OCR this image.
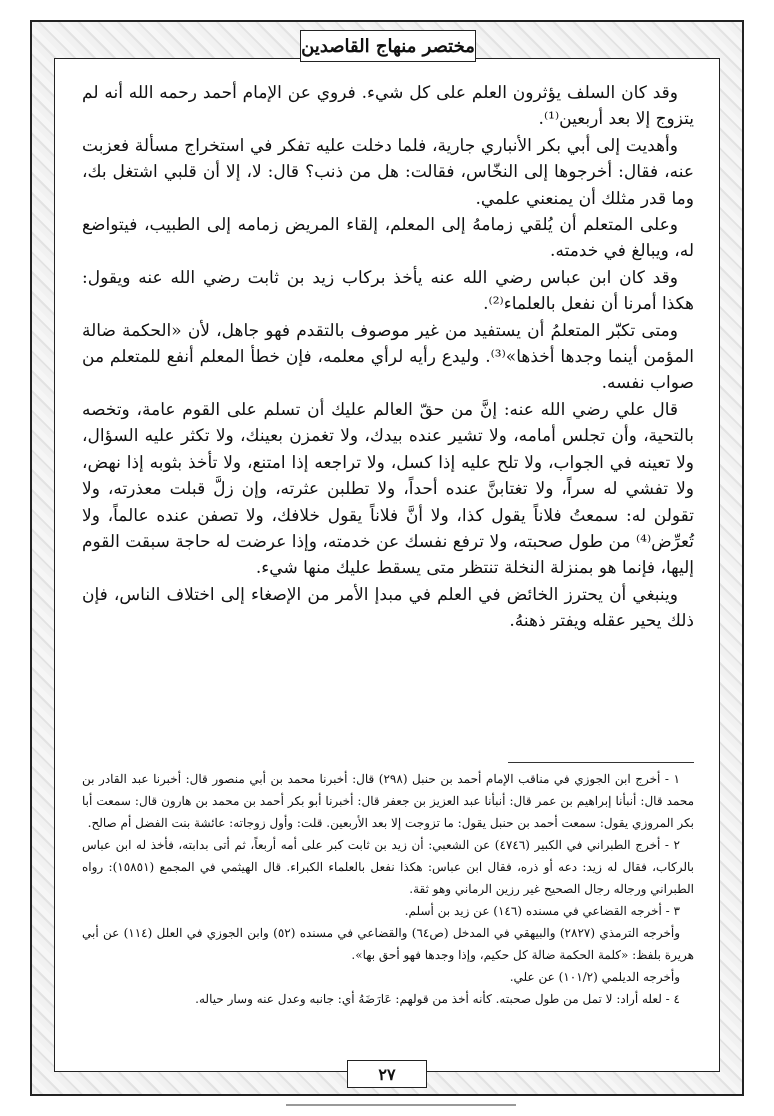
مختصر منهاج القاصدين

وقد كان السلف يؤثرون العلم على كل شيء. فروي عن الإمام أحمد رحمه الله أنه لم يتزوج إلا بعد أربعين⁽¹⁾.

وأهديت إلى أبي بكر الأنباري جارية، فلما دخلت عليه تفكر في استخراج مسألة فعزبت عنه، فقال: أخرجوها إلى النخّاس، فقالت: هل من ذنب؟ قال: لا، إلا أن قلبي اشتغل بك، وما قدر مثلك أن يمنعني علمي.

وعلى المتعلم أن يُلقي زمامهُ إلى المعلم، إلقاء المريض زمامه إلى الطبيب، فيتواضع له، ويبالغ في خدمته.

وقد كان ابن عباس رضي الله عنه يأخذ بركاب زيد بن ثابت رضي الله عنه ويقول: هكذا أمرنا أن نفعل بالعلماء⁽²⁾.

ومتى تكبّر المتعلمُ أن يستفيد من غير موصوف بالتقدم فهو جاهل، لأن «الحكمة ضالة المؤمن أينما وجدها أخذها»⁽³⁾. وليدع رأيه لرأي معلمه، فإن خطأ المعلم أنفع للمتعلم من صواب نفسه.

قال علي رضي الله عنه: إنَّ من حقّ العالم عليك أن تسلم على القوم عامة، وتخصه بالتحية، وأن تجلس أمامه، ولا تشير عنده بيدك، ولا تغمزن بعينك، ولا تكثر عليه السؤال، ولا تعينه في الجواب، ولا تلح عليه إذا كسل، ولا تراجعه إذا امتنع، ولا تأخذ بثوبه إذا نهض، ولا تفشي له سراً، ولا تغتابنَّ عنده أحداً، ولا تطلبن عثرته، وإن زلَّ قبلت معذرته، ولا تقولن له: سمعتُ فلاناً يقول كذا، ولا أنَّ فلاناً يقول خلافك، ولا تصفن عنده عالماً، ولا تُعرِّض⁽⁴⁾ من طول صحبته، ولا ترفع نفسك عن خدمته، وإذا عرضت له حاجة سبقت القوم إليها، فإنما هو بمنزلة النخلة تنتظر متى يسقط عليك منها شيء.

وينبغي أن يحترز الخائض في العلم في مبدإ الأمر من الإصغاء إلى اختلاف الناس، فإن ذلك يحير عقله ويفتر ذهنهُ.

١ - أخرج ابن الجوزي في مناقب الإمام أحمد بن حنبل (٢٩٨) قال: أخبرنا محمد بن أبي منصور قال: أخبرنا عبد القادر بن محمد قال: أنبأنا إبراهيم بن عمر قال: أنبأنا عبد العزيز بن جعفر قال: أخبرنا أبو بكر أحمد بن محمد بن هارون قال: سمعت أبا بكر المروزي يقول: سمعت أحمد بن حنبل يقول: ما تزوجت إلا بعد الأربعين. قلت: وأول زوجاته: عائشة بنت الفضل أم صالح.

٢ - أخرج الطبراني في الكبير (٤٧٤٦) عن الشعبي: أن زيد بن ثابت كبر على أمه أربعاً، ثم أتى بدابته، فأخذ له ابن عباس بالركاب، فقال له زيد: دعه أو ذره، فقال ابن عباس: هكذا نفعل بالعلماء الكبراء. قال الهيثمي في المجمع (١٥٨٥١): رواه الطبراني ورجاله رجال الصحيح غير رزين الرماني وهو ثقة.

٣ - أخرجه القضاعي في مسنده (١٤٦) عن زيد بن أسلم.

وأخرجه الترمذي (٢٨٢٧) والبيهقي في المدخل (ص٦٤) والقضاعي في مسنده (٥٢) وابن الجوزي في العلل (١١٤) عن أبي هريرة بلفظ: «كلمة الحكمة ضالة كل حكيم، وإذا وجدها فهو أحق بها».

وأخرجه الديلمي (١٠١/٢) عن علي.

٤ - لعله أراد: لا تمل من طول صحبته. كأنه أخذ من قولهم: عَارَضَهُ أي: جانبه وعدل عنه وسار حياله.

٢٧
